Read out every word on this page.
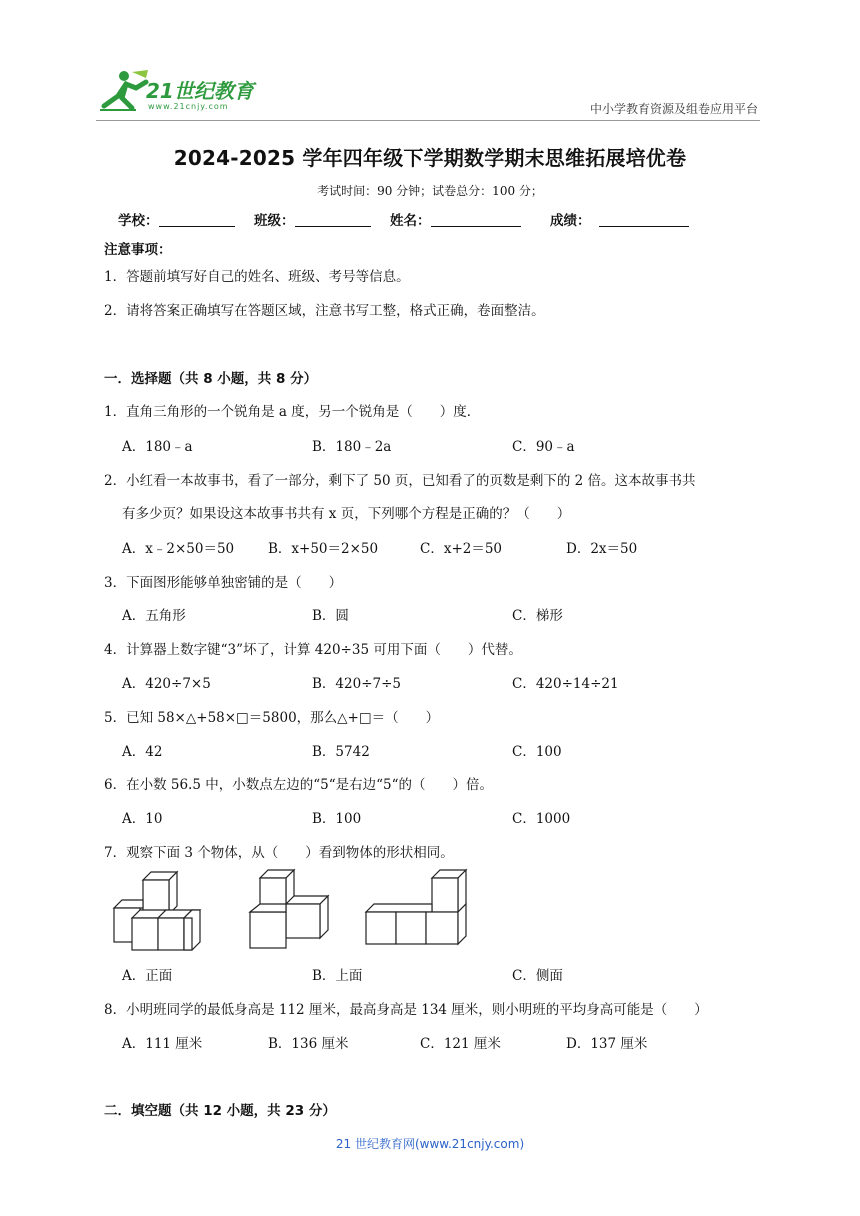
21世纪教育
www.21cnjy.com	中小学教育资源及组卷应用平台
2024-2025 学年四年级下学期数学期末思维拓展培优卷
考试时间：90 分钟；试卷总分：100 分；
学校：	班级：	姓名：	成绩：
注意事项：
1．答题前填写好自己的姓名、班级、考号等信息。
2．请将答案正确填写在答题区域，注意书写工整，格式正确，卷面整洁。
一．选择题（共 8 小题，共 8 分）
1．直角三角形的一个锐角是 a 度，另一个锐角是（　　）度．
A．180﹣a	B．180﹣2a	C．90﹣a
2．小红看一本故事书，看了一部分，剩下了 50 页，已知看了的页数是剩下的 2 倍。这本故事书共
有多少页？如果设这本故事书共有 x 页，下列哪个方程是正确的？（　　）
A．x﹣2×50＝50	B．x+50＝2×50	C．x+2＝50	D．2x＝50
3．下面图形能够单独密铺的是（　　）
A．五角形	B．圆	C．梯形
4．计算器上数字键“3”坏了，计算 420÷35 可用下面（　　）代替。
A．420÷7×5	B．420÷7÷5	C．420÷14÷21
5．已知 58×△+58×□＝5800，那么△+□＝（　　）
A．42	B．5742	C．100
6．在小数 56.5 中，小数点左边的“5“是右边“5“的（　　）倍。
A．10	B．100	C．1000
7．观察下面 3 个物体，从（　　）看到物体的形状相同。
A．正面	B．上面	C．侧面
8．小明班同学的最低身高是 112 厘米，最高身高是 134 厘米，则小明班的平均身高可能是（　　）
A．111 厘米	B．136 厘米	C．121 厘米	D．137 厘米
二．填空题（共 12 小题，共 23 分）
21 世纪教育网(www.21cnjy.com)
